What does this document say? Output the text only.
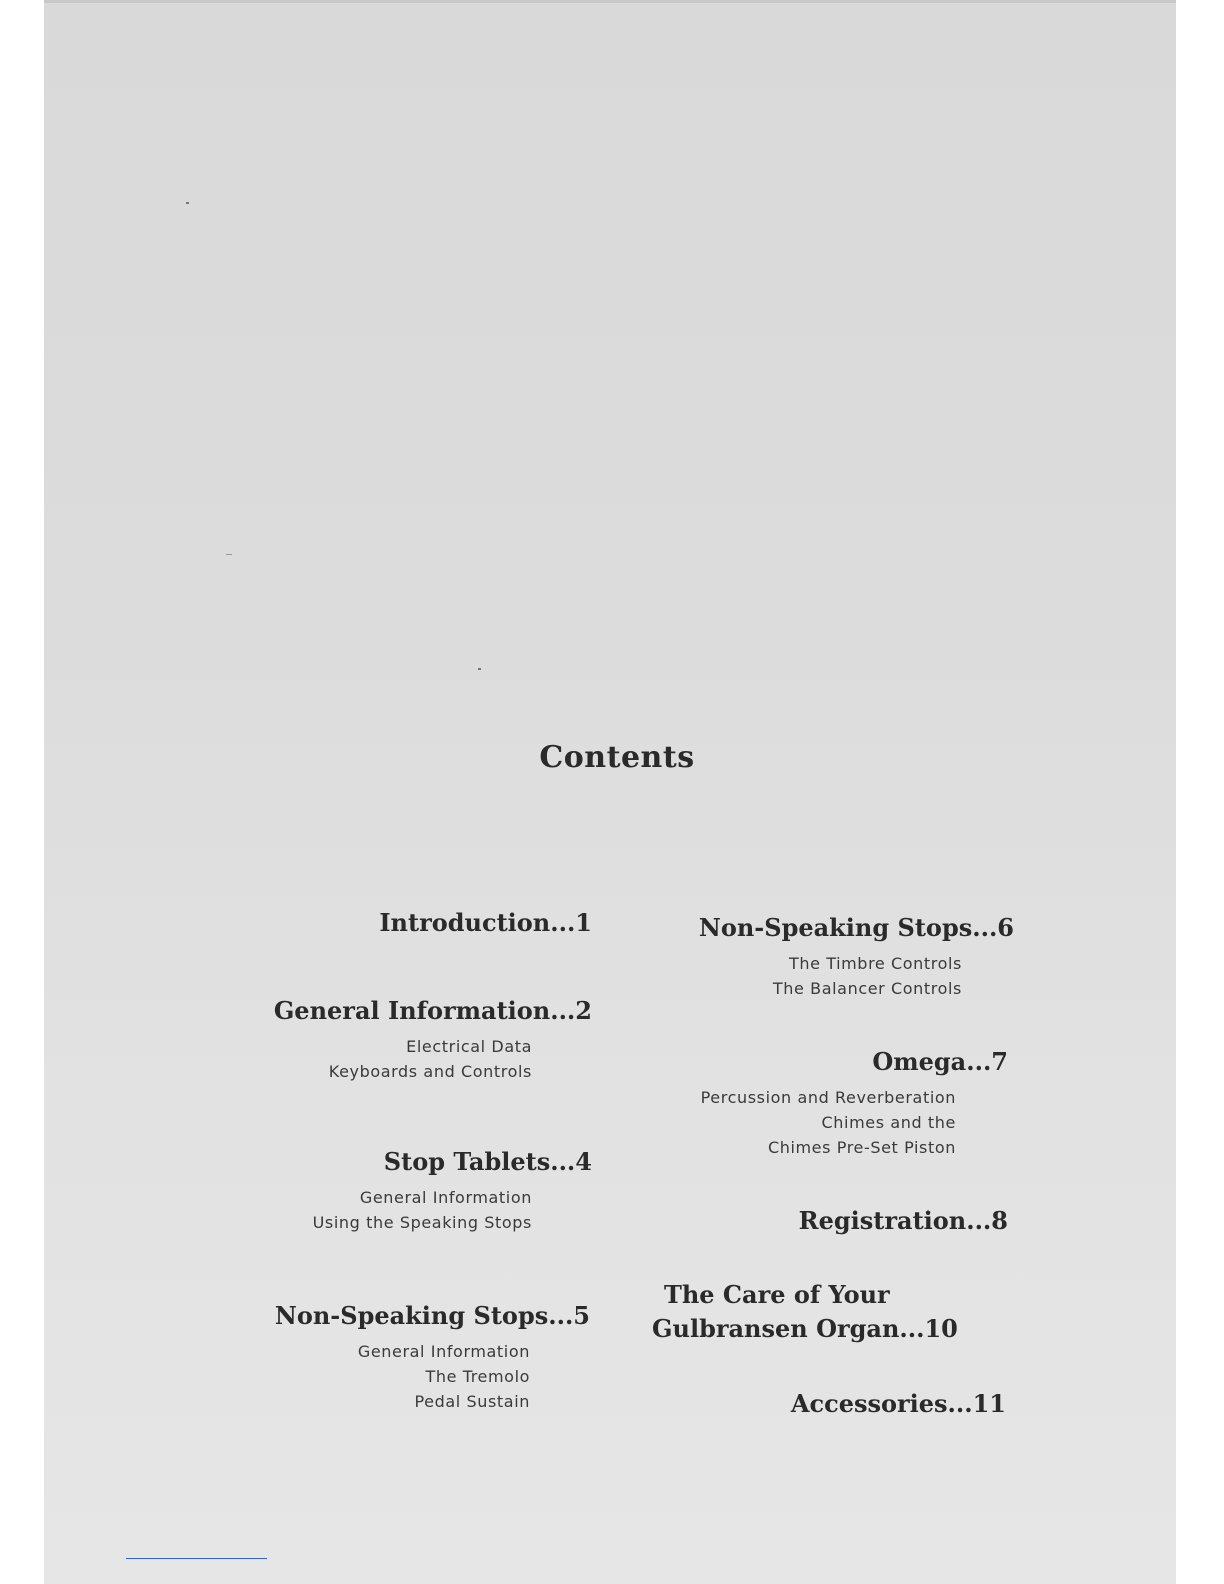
Contents
Introduction...1
General Information...2
Electrical Data
Keyboards and Controls
Stop Tablets...4
General Information
Using the Speaking Stops
Non-Speaking Stops...5
General Information
The Tremolo
Pedal Sustain
Non-Speaking Stops...6
The Timbre Controls
The Balancer Controls
Omega...7
Percussion and Reverberation
Chimes and the
Chimes Pre-Set Piston
Registration...8
The Care of Your
Gulbransen Organ...10
Accessories...11
